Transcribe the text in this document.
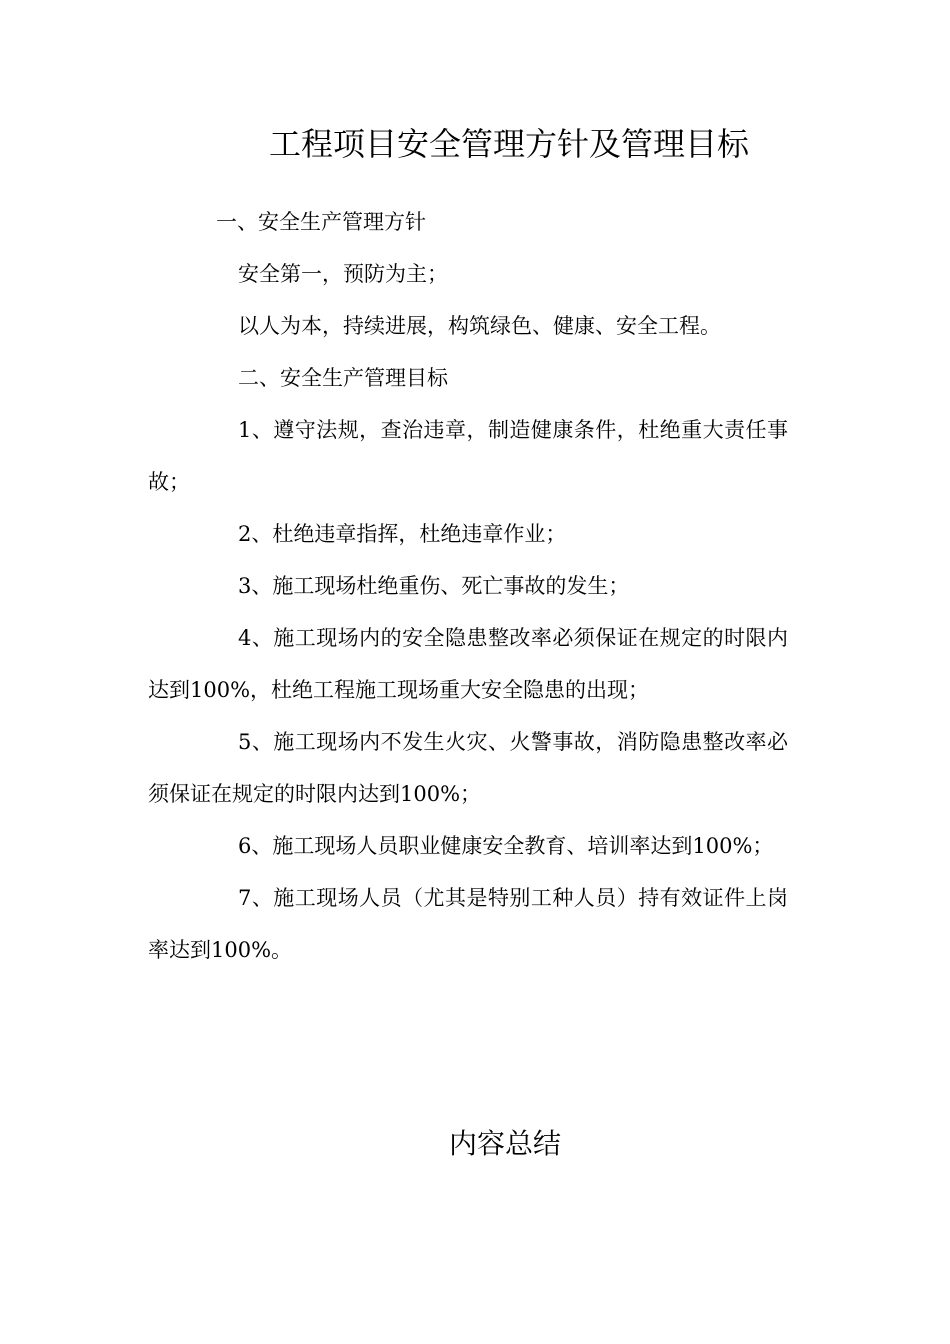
工程项目安全管理方针及管理目标

一、安全生产管理方针

安全第一，预防为主；

以人为本，持续进展，构筑绿色、健康、安全工程。

二、安全生产管理目标

1、遵守法规，查治违章，制造健康条件，杜绝重大责任事故；

2、杜绝违章指挥，杜绝违章作业；

3、施工现场杜绝重伤、死亡事故的发生；

4、施工现场内的安全隐患整改率必须保证在规定的时限内达到100%，杜绝工程施工现场重大安全隐患的出现；

5、施工现场内不发生火灾、火警事故，消防隐患整改率必须保证在规定的时限内达到100%；

6、施工现场人员职业健康安全教育、培训率达到100%；

7、施工现场人员（尤其是特别工种人员）持有效证件上岗率达到100%。

内容总结
